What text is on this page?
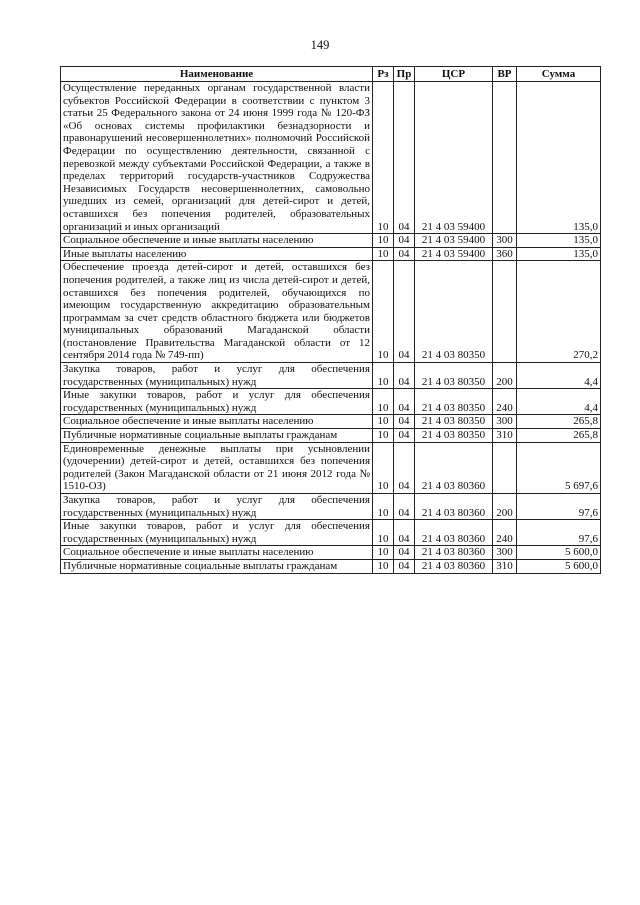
149
Наименование	Рз	Пр	ЦСР	ВР	Сумма
Осуществление переданных органам государственной власти субъектов Российской Федерации в соответствии с пунктом 3 статьи 25 Федерального закона от 24 июня 1999 года № 120-ФЗ «Об основах системы профилактики безнадзорности и правонарушений несовершеннолетних» полномочий Российской Федерации по осуществлению деятельности, связанной с перевозкой между субъектами Российской Федерации, а также в пределах территорий государств-участников Содружества Независимых Государств несовершеннолетних, самовольно ушедших из семей, организаций для детей-сирот и детей, оставшихся без попечения родителей, образовательных организаций и иных организаций	10	04	21 4 03 59400		135,0
Социальное обеспечение и иные выплаты населению	10	04	21 4 03 59400	300	135,0
Иные выплаты населению	10	04	21 4 03 59400	360	135,0
Обеспечение проезда детей-сирот и детей, оставшихся без попечения родителей, а также лиц из числа детей-сирот и детей, оставшихся без попечения родителей, обучающихся по имеющим государственную аккредитацию образовательным программам за счет средств областного бюджета или бюджетов муниципальных образований Магаданской области (постановление Правительства Магаданской области от 12 сентября 2014 года № 749-пп)	10	04	21 4 03 80350		270,2
Закупка товаров, работ и услуг для обеспечения государственных (муниципальных) нужд	10	04	21 4 03 80350	200	4,4
Иные закупки товаров, работ и услуг для обеспечения государственных (муниципальных) нужд	10	04	21 4 03 80350	240	4,4
Социальное обеспечение и иные выплаты населению	10	04	21 4 03 80350	300	265,8
Публичные нормативные социальные выплаты гражданам	10	04	21 4 03 80350	310	265,8
Единовременные денежные выплаты при усыновлении (удочерении) детей-сирот и детей, оставшихся без попечения родителей (Закон Магаданской области от 21 июня 2012 года № 1510-ОЗ)	10	04	21 4 03 80360		5 697,6
Закупка товаров, работ и услуг для обеспечения государственных (муниципальных) нужд	10	04	21 4 03 80360	200	97,6
Иные закупки товаров, работ и услуг для обеспечения государственных (муниципальных) нужд	10	04	21 4 03 80360	240	97,6
Социальное обеспечение и иные выплаты населению	10	04	21 4 03 80360	300	5 600,0
Публичные нормативные социальные выплаты гражданам	10	04	21 4 03 80360	310	5 600,0
